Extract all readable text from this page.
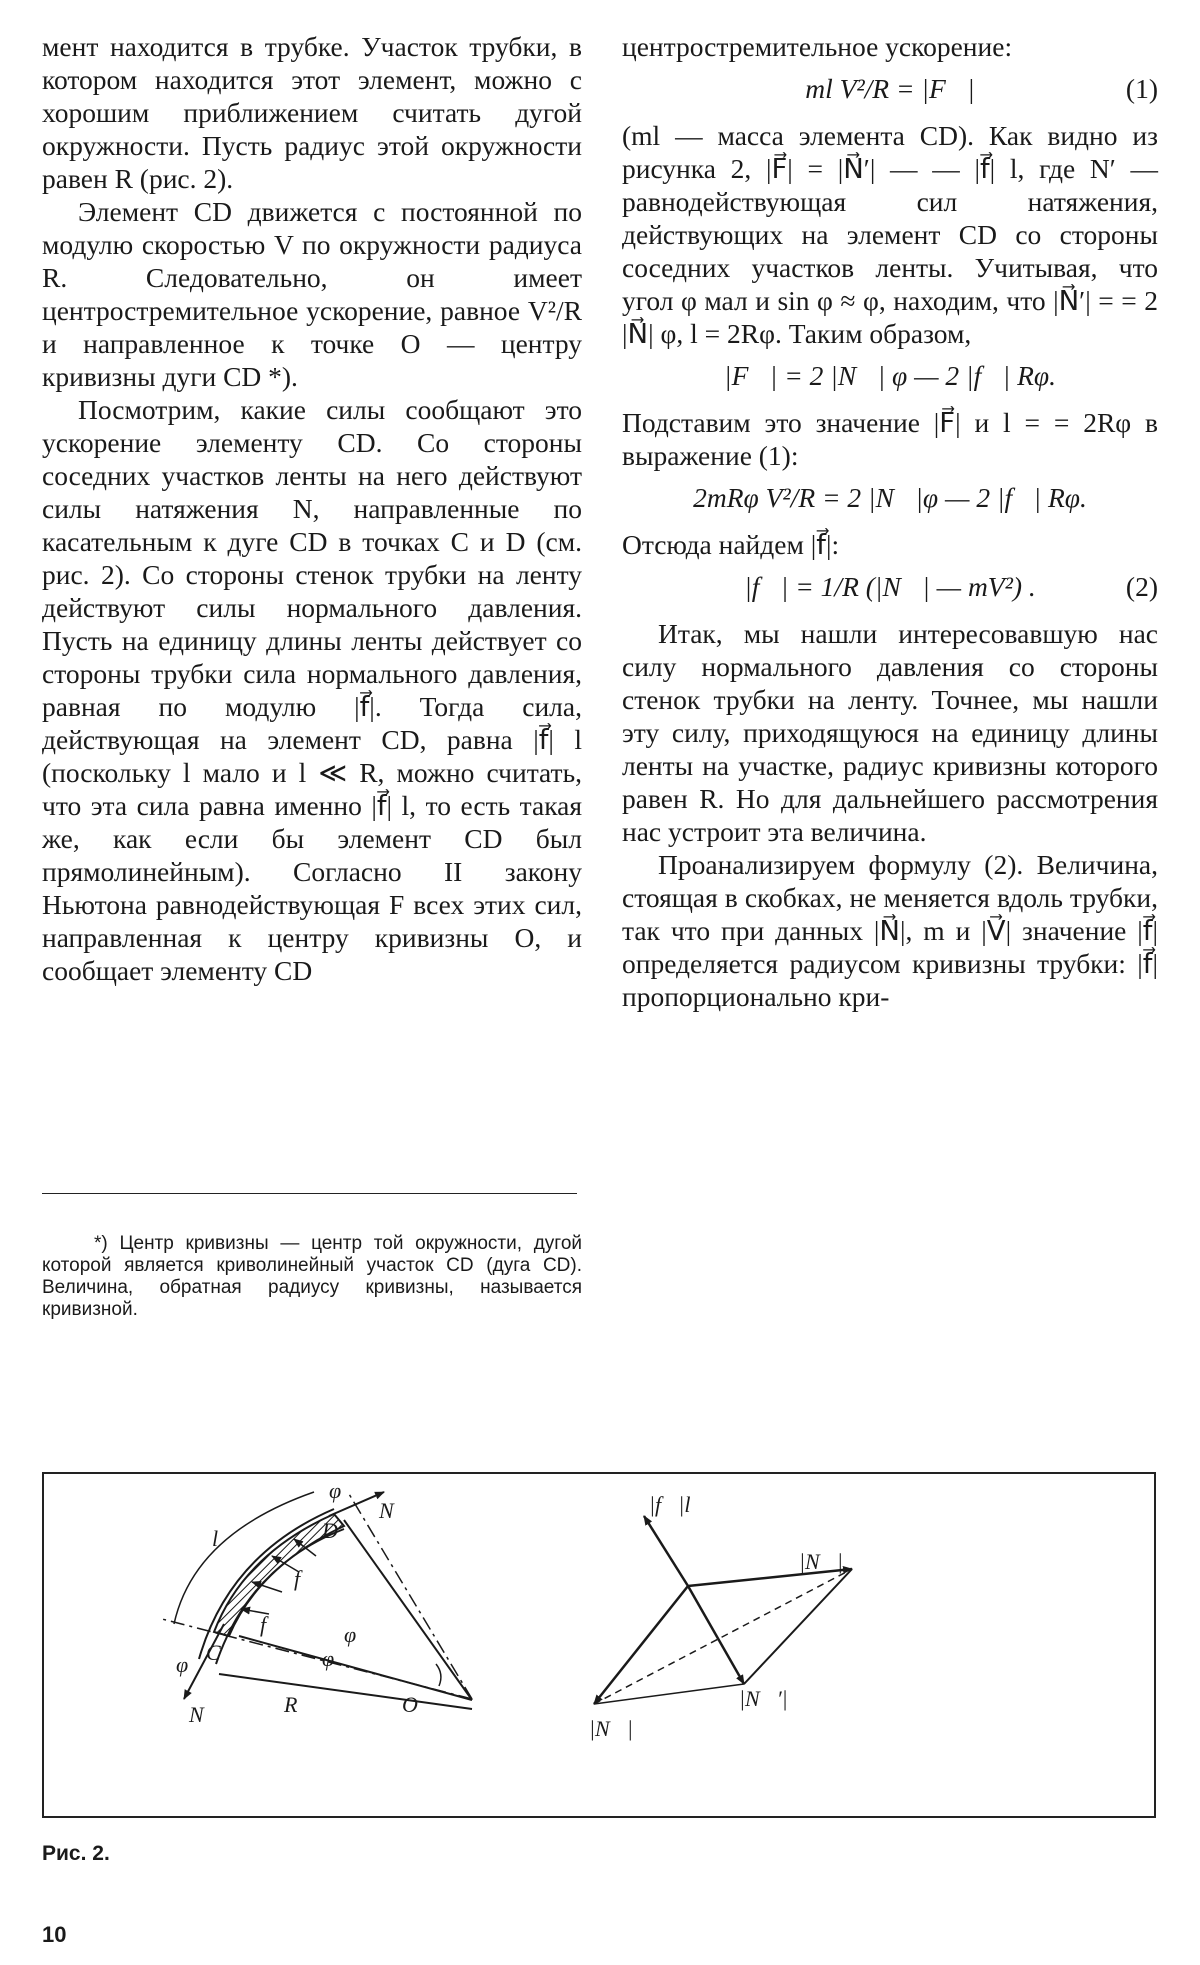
мент находится в трубке. Участок трубки, в котором находится этот элемент, можно с хорошим приближением считать дугой окружности. Пусть радиус этой окружности равен R (рис. 2).

Элемент CD движется с постоянной по модулю скоростью V по окружности радиуса R. Следовательно, он имеет центростремительное ускорение, равное V²/R и направленное к точке O — центру кривизны дуги CD *).

Посмотрим, какие силы сообщают это ускорение элементу CD. Со стороны соседних участков ленты на него действуют силы натяжения N, направленные по касательным к дуге CD в точках C и D (см. рис. 2). Со стороны стенок трубки на ленту действуют силы нормального давления. Пусть на единицу длины ленты действует со стороны трубки сила нормального давления, равная по модулю |f⃗|. Тогда сила, действующая на элемент CD, равна |f⃗| l (поскольку l мало и l ≪ R, можно считать, что эта сила равна именно |f⃗| l, то есть такая же, как если бы элемент CD был прямолинейным). Согласно II закону Ньютона равнодействующая F всех этих сил, направленная к центру кривизны O, и сообщает элементу CD

*) Центр кривизны — центр той окружности, дугой которой является криволинейный участок CD (дуга CD). Величина, обратная радиусу кривизны, называется кривизной.

центростремительное ускорение:

ml V²/R = |F⃗|	(1)

(ml — масса элемента CD). Как видно из рисунка 2, |F⃗| = |N⃗′| — — |f⃗| l, где N′ — равнодействующая сил натяжения, действующих на элемент CD со стороны соседних участков ленты. Учитывая, что угол φ мал и sin φ ≈ φ, находим, что |N⃗′| = = 2 |N⃗| φ, l = 2Rφ. Таким образом,

|F⃗| = 2 |N⃗| φ — 2 |f⃗| Rφ.

Подставим это значение |F⃗| и l = = 2Rφ в выражение (1):

2mRφ V²/R = 2 |N⃗|φ — 2 |f⃗| Rφ.

Отсюда найдем |f⃗|:

|f⃗| = 1/R (|N⃗| — mV²) .	(2)

Итак, мы нашли интересовавшую нас силу нормального давления со стороны стенок трубки на ленту. Точнее, мы нашли эту силу, приходящуюся на единицу длины ленты на участке, радиус кривизны которого равен R. Но для дальнейшего рассмотрения нас устроит эта величина.

Проанализируем формулу (2). Величина, стоящая в скобках, не меняется вдоль трубки, так что при данных |N⃗|, m и |V⃗| значение |f⃗| определяется радиусом кривизны трубки: |f⃗| пропорционально кри-

l
φ
N
D
C
φ
φ
φ
N	R	O
f
f
|f⃗|l
|N⃗|
|N⃗|
|N⃗′|
Рис. 2.
10
